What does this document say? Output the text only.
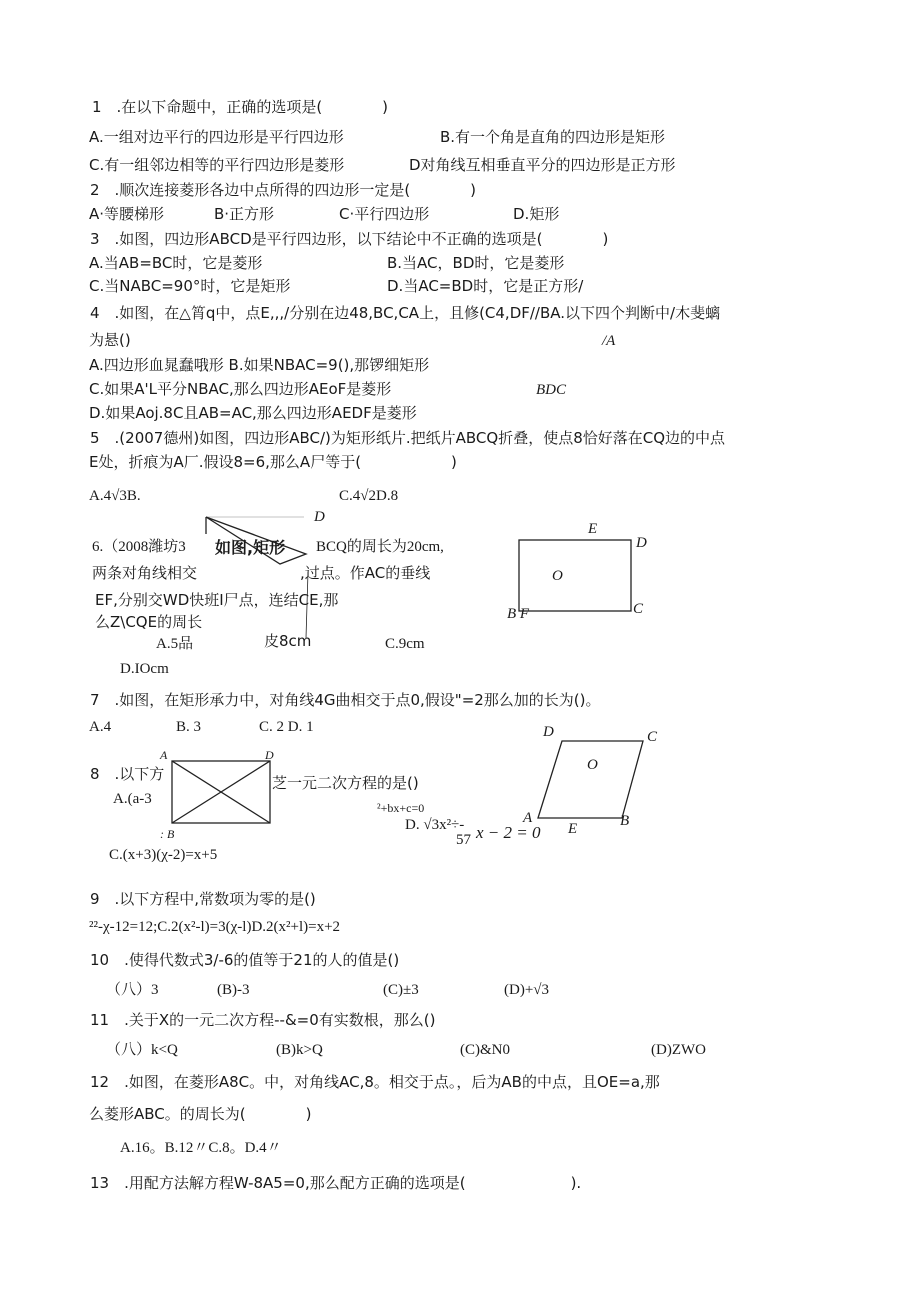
1　.在以下命题中，正确的选项是(　　　　)
A.一组对边平行的四边形是平行四边形	B.有一个角是直角的四边形是矩形
C.有一组邻边相等的平行四边形是菱形	D对角线互相垂直平分的四边形是正方形
2　.顺次连接菱形各边中点所得的四边形一定是(　　　　)
A·等腰梯形	B·正方形	C·平行四边形	D.矩形
3　.如图，四边形ABCD是平行四边形，以下结论中不正确的选项是(　　　　)
A.当AB=BC时，它是菱形	B.当AC，BD时，它是菱形
C.当NABC=90°时，它是矩形	D.当AC=BD时，它是正方形/
4　.如图，在△筲q中，点E,,,/分别在边48,BC,CA上，且修(C4,DF//BA.以下四个判断中/木斐螭
为悬()	/A
A.四边形血晁蠢哦形 B.如果NBAC=9(),那锣细矩形
C.如果A'L平分NBAC,那么四边形AEoF是菱形	BDC
D.如果Aoj.8C且AB=AC,那么四边形AEDF是菱形
5　.(2007德州)如图，四边形ABC/)为矩形纸片.把纸片ABCQ折叠，使点8恰好落在CQ边的中点
E处，折痕为A厂.假设8=6,那么A尸等于(　　　　　　)
A.4√3B.	C.4√2D.8
D
6.（2008潍坊3 如图,矩形 BCQ的周长为20cm,
两条对角线相交	,过点。作AC的垂线
EF,分别交WD快班I尸点，连结CE,那
么Z\CQE的周长
A.5品	皮8cm	C.9cm
D.IOcm
E
D
O
B F	C
7　.如图，在矩形承力中，对角线4G曲相交于点0,假设"=2那么加的长为()。
A.4	B. 3	C. 2 D. 1
A	D
: B
D	C
O
A
E	B
8　.以下方	芝一元二次方程的是()
A.(a-3
²+bx+c=0
D. √3x²÷-
57 x − 2 = 0
C.(x+3)(χ-2)=x+5
9　.以下方程中,常数项为零的是()
²²-χ-12=12;C.2(x²-l)=3(χ-l)D.2(x²+l)=x+2
10　.使得代数式3/-6的值等于21的人的值是()
（八）3	(B)-3	(C)±3	(D)+√3
11　.关于X的一元二次方程--&=0有实数根，那么()
（八）k<Q	(B)k>Q	(C)&N0	(D)ZWO
12　.如图，在菱形A8C。中，对角线AC,8。相交于点。，后为AB的中点，且OE=a,那
么菱形ABC。的周长为(　　　　)
A.16。B.12〃C.8。D.4〃
13　.用配方法解方程W-8A5=0,那么配方正确的选项是(　　　　　　　).
